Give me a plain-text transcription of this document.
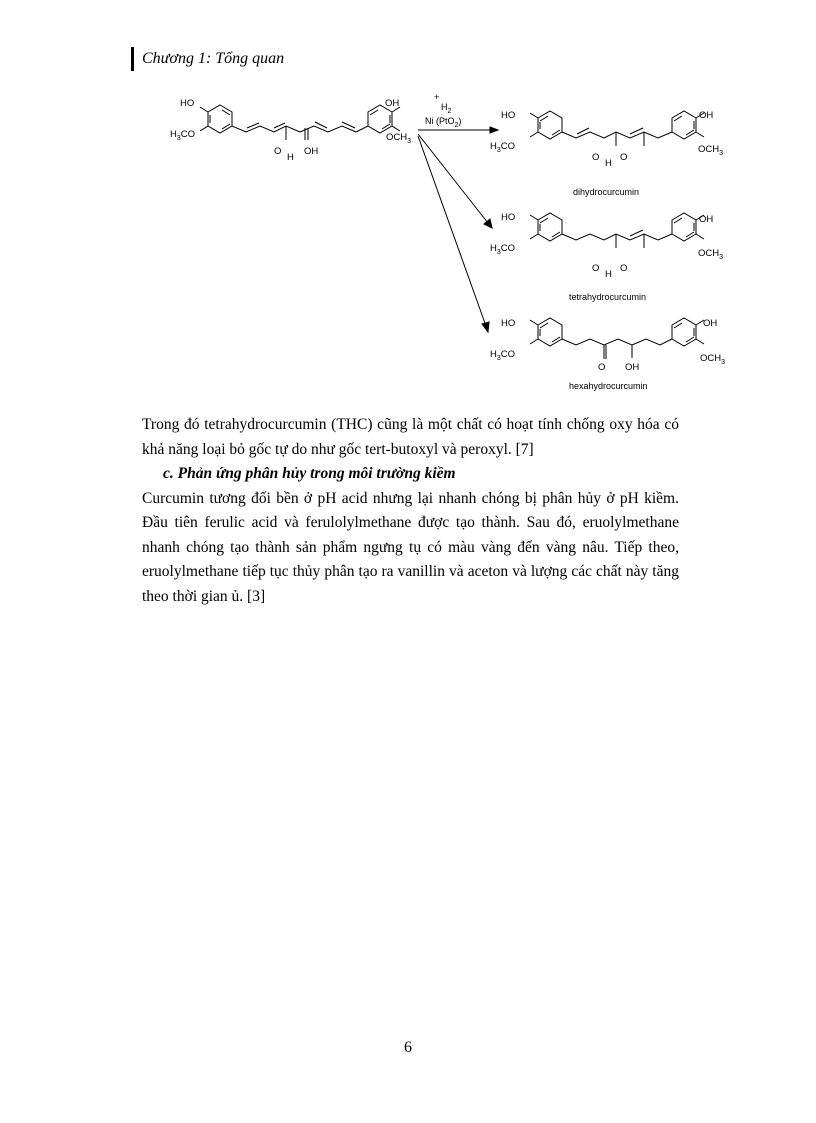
Chương 1: Tổng quan
HO
$H_3CO$
O
H
OH
OH
$OCH_3$
HO
$H_3CO$
O
H
O
OH
$OCH_3$
HO
$H_3CO$
O
H
O
OH
$OCH_3$
HO
$H_3CO$
O OH
OH
$OCH_3$
+
$H_2$
Ni (PtO$_2$)
dihydrocurcumin
tetrahydrocurcumin
hexahydrocurcumin

Trong đó tetrahydrocurcumin (THC) cũng là một chất có hoạt tính chống oxy hóa có khả năng loại bỏ gốc tự do như gốc tert-butoxyl và peroxyl. [7]

c. Phản ứng phân hủy trong môi trường kiềm

Curcumin tương đối bền ở pH acid nhưng lại nhanh chóng bị phân hủy ở pH kiềm. Đầu tiên ferulic acid và ferulolylmethane được tạo thành. Sau đó, eruolylmethane nhanh chóng tạo thành sản phẩm ngưng tụ có màu vàng đến vàng nâu. Tiếp theo, eruolylmethane tiếp tục thủy phân tạo ra vanillin và aceton và lượng các chất này tăng theo thời gian ủ. [3]

6
